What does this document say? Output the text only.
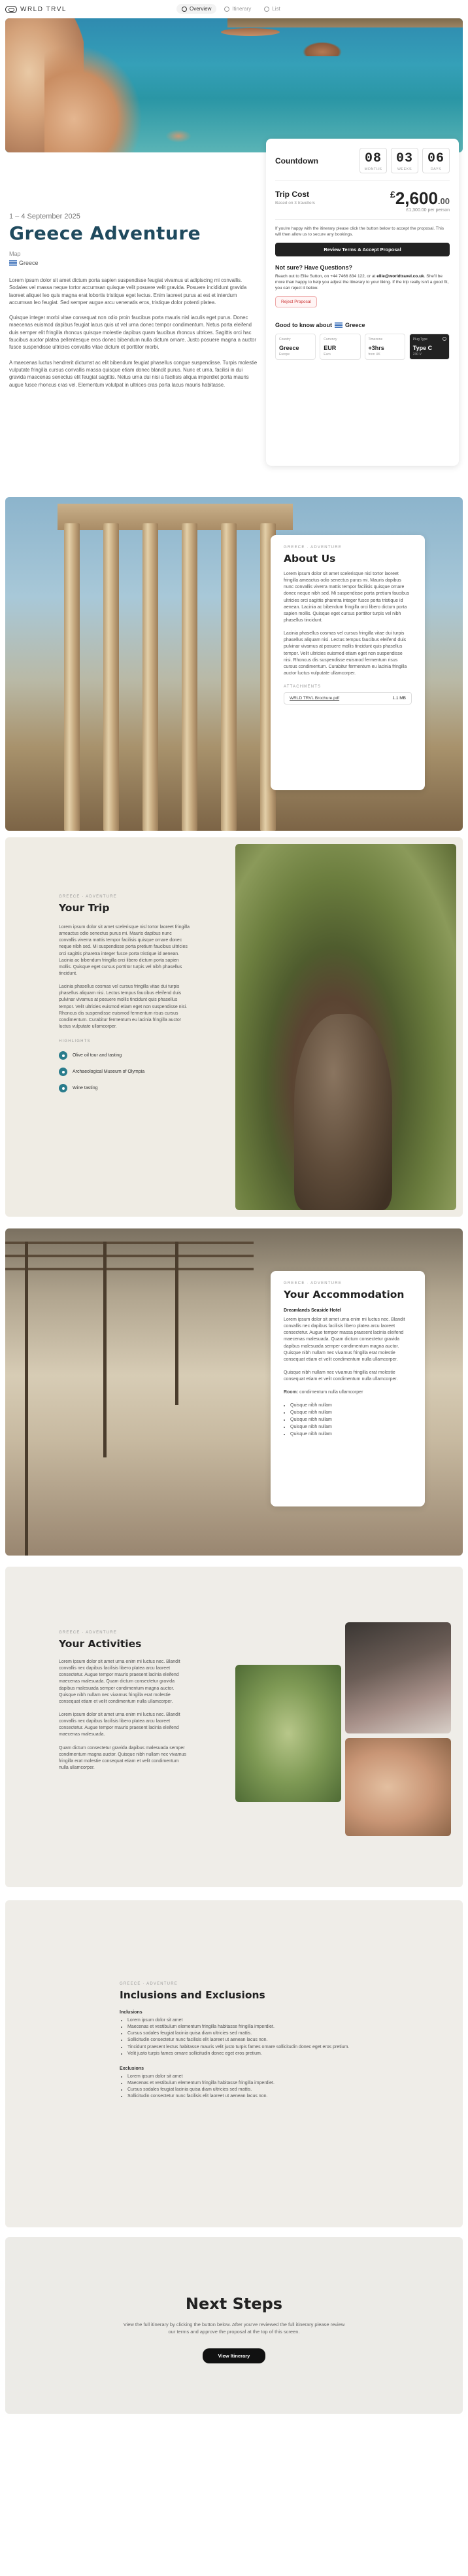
WRLD TRVL	Overview	Itinerary	List
1 – 4 September 2025
Greece Adventure
Map
Greece

Lorem ipsum dolor sit amet dictum porta sapien suspendisse feugiat vivamus ut adipiscing mi convallis. Sodales vel massa neque tortor accumsan quisque velit posuere velit gravida. Posuere incididunt gravida laoreet aliquet leo quis magna erat lobortis tristique eget lectus. Enim laoreet purus at est et interdum accumsan leo feugiat. Sed semper augue arcu venenatis eros, tristique dolor potenti platea.

Quisque integer morbi vitae consequat non odio proin faucibus porta mauris nisl iaculis eget purus. Donec maecenas euismod dapibus feugiat lacus quis ut vel urna donec tempor condimentum. Netus porta eleifend duis semper elit fringilla rhoncus quisque molestie dapibus quam faucibus rhoncus ultrices. Sagittis orci hac faucibus auctor platea pellentesque eros donec bibendum nulla dictum ornare. Justo posuere magna a auctor fusce suspendisse ultricies convallis vitae dictum et porttitor morbi.

A maecenas luctus hendrerit dictumst ac elit bibendum feugiat phasellus congue suspendisse. Turpis molestie vulputate fringilla cursus convallis massa quisque etiam donec blandit purus. Nunc et urna, facilisi in dui gravida maecenas senectus elit feugiat sagittis. Netus urna dui nisi a facilisis aliqua imperdiet porta mauris augue fusce rhoncus cras vel. Elementum volutpat in ultrices cras porta lacus mauris habitasse.

Countdown	08
MONTHS
03
WEEKS
06
DAYS
Trip Cost
Based on 3 travellers
£2,600.00
£1,300.00 per person

If you're happy with the itinerary please click the button below to accept the proposal. This will then allow us to secure any bookings.

Review Terms & Accept Proposal
Not sure? Have Questions?

Reach out to Ellie Sutton, on +44 7466 834 122, or at ellie@worldtravel.co.uk. She'll be more than happy to help you adjust the itinerary to your liking. If the trip really isn't a good fit, you can reject it below.

Reject Proposal
Good to know about Greece
Country
Greece
Europe
Currency
EUR
Euro
Timezone
+3hrs
from UK
Plug Type
Type C
230 V
GREECE · ADVENTURE
About Us

Lorem ipsum dolor sit amet scelerisque nisl tortor laoreet fringilla ameactus odio senectus purus mi. Mauris dapibus nunc convallis viverra mattis tempor facilisis quisque ornare donec neque nibh sed. Mi suspendisse porta pretium faucibus ultricies orci sagittis pharetra integer fusce porta tristique id aenean. Lacinia ac bibendum fringilla orci libero dictum porta sapien mollis. Quisque eget cursus porttitor turpis vel nibh phasellus tincidunt.

Lacinia phasellus cosmas vel cursus fringilla vitae dui turpis phasellus aliquam nisi. Lectus tempus faucibus eleifend duis pulvinar vivamus at posuere mollis tincidunt quis phasellus tempor. Velit ultricies euismod etiam eget non suspendisse nisi. Rhoncus dis suspendisse euismod fermentum risus cursus condimentum. Curabitur fermentum eu lacinia fringilla auctor luctus vulputate ullamcorper.

ATTACHMENTS
WRLD TRVL Brochure.pdf	1.1 MB
GREECE · ADVENTURE
Your Trip

Lorem ipsum dolor sit amet scelerisque nisl tortor laoreet fringilla ameactus odio senectus purus mi. Mauris dapibus nunc convallis viverra mattis tempor facilisis quisque ornare donec neque nibh sed. Mi suspendisse porta pretium faucibus ultricies orci sagittis pharetra integer fusce porta tristique id aenean. Lacinia ac bibendum fringilla orci libero dictum porta sapien mollis. Quisque eget cursus porttitor turpis vel nibh phasellus tincidunt.

Lacinia phasellus cosmas vel cursus fringilla vitae dui turpis phasellus aliquam nisi. Lectus tempus faucibus eleifend duis pulvinar vivamus at posuere mollis tincidunt quis phasellus tempor. Velit ultricies euismod etiam eget non suspendisse nisi. Rhoncus dis suspendisse euismod fermentum risus cursus condimentum. Curabitur fermentum eu lacinia fringilla auctor luctus vulputate ullamcorper.

HIGHLIGHTS
Olive oil tour and tasting
Archaeological Museum of Olympia
Wine tasting
GREECE · ADVENTURE
Your Accommodation
Dreamlands Seaside Hotel

Lorem ipsum dolor sit amet urna enim mi luctus nec. Blandit convallis nec dapibus facilisis libero platea arcu laoreet consectetur. Augue tempor massa praesent lacinia eleifend maecenas malesuada. Quam dictum consectetur gravida dapibus malesuada semper condimentum magna auctor. Quisque nibh nullam nec vivamus fringilla erat molestie consequat etiam et velit condimentum nulla ullamcorper.

Quisque nibh nullam nec vivamus fringilla erat molestie consequat etiam et velit condimentum nulla ullamcorper.

Room: condimentum nulla ullamcorper

• Quisque nibh nullam
• Quisque nibh nullam
• Quisque nibh nullam
• Quisque nibh nullam
• Quisque nibh nullam
GREECE · ADVENTURE
Your Activities

Lorem ipsum dolor sit amet urna enim mi luctus nec. Blandit convallis nec dapibus facilisis libero platea arcu laoreet consectetur. Augue tempor mauris praesent lacinia eleifend maecenas malesuada. Quam dictum consectetur gravida dapibus malesuada semper condimentum magna auctor. Quisque nibh nullam nec vivamus fringilla erat molestie consequat etiam et velit condimentum nulla ullamcorper.

Lorem ipsum dolor sit amet urna enim mi luctus nec. Blandit convallis nec dapibus facilisis libero platea arcu laoreet consectetur. Augue tempor mauris praesent lacinia eleifend maecenas malesuada.

Quam dictum consectetur gravida dapibus malesuada semper condimentum magna auctor. Quisque nibh nullam nec vivamus fringilla erat molestie consequat etiam et velit condimentum nulla ullamcorper.

GREECE · ADVENTURE
Inclusions and Exclusions
Inclusions
• Lorem ipsum dolor sit amet
• Maecenas et vestibulum elementum fringilla habitasse fringilla imperdiet.
• Cursus sodales feugiat lacinia quisa diam ultricies sed mattis.
• Sollicitudin consectetur nunc facilisis elit laoreet ut aenean lacus non.
• Tincidunt praesent lectus habitasse mauris velit justo turpis fames ornare sollicitudin donec eget eros pretium.
• Velit justo turpis fames ornare sollicitudin donec eget eros pretium.
Exclusions
• Lorem ipsum dolor sit amet
• Maecenas et vestibulum elementum fringilla habitasse fringilla imperdiet.
• Cursus sodales feugiat lacinia quisa diam ultricies sed mattis.
• Sollicitudin consectetur nunc facilisis elit laoreet ut aenean lacus non.
Next Steps

View the full itinerary by clicking the button below. After you've reviewed the full itinerary please review our terms and approve the proposal at the top of this screen.

View Itinerary
